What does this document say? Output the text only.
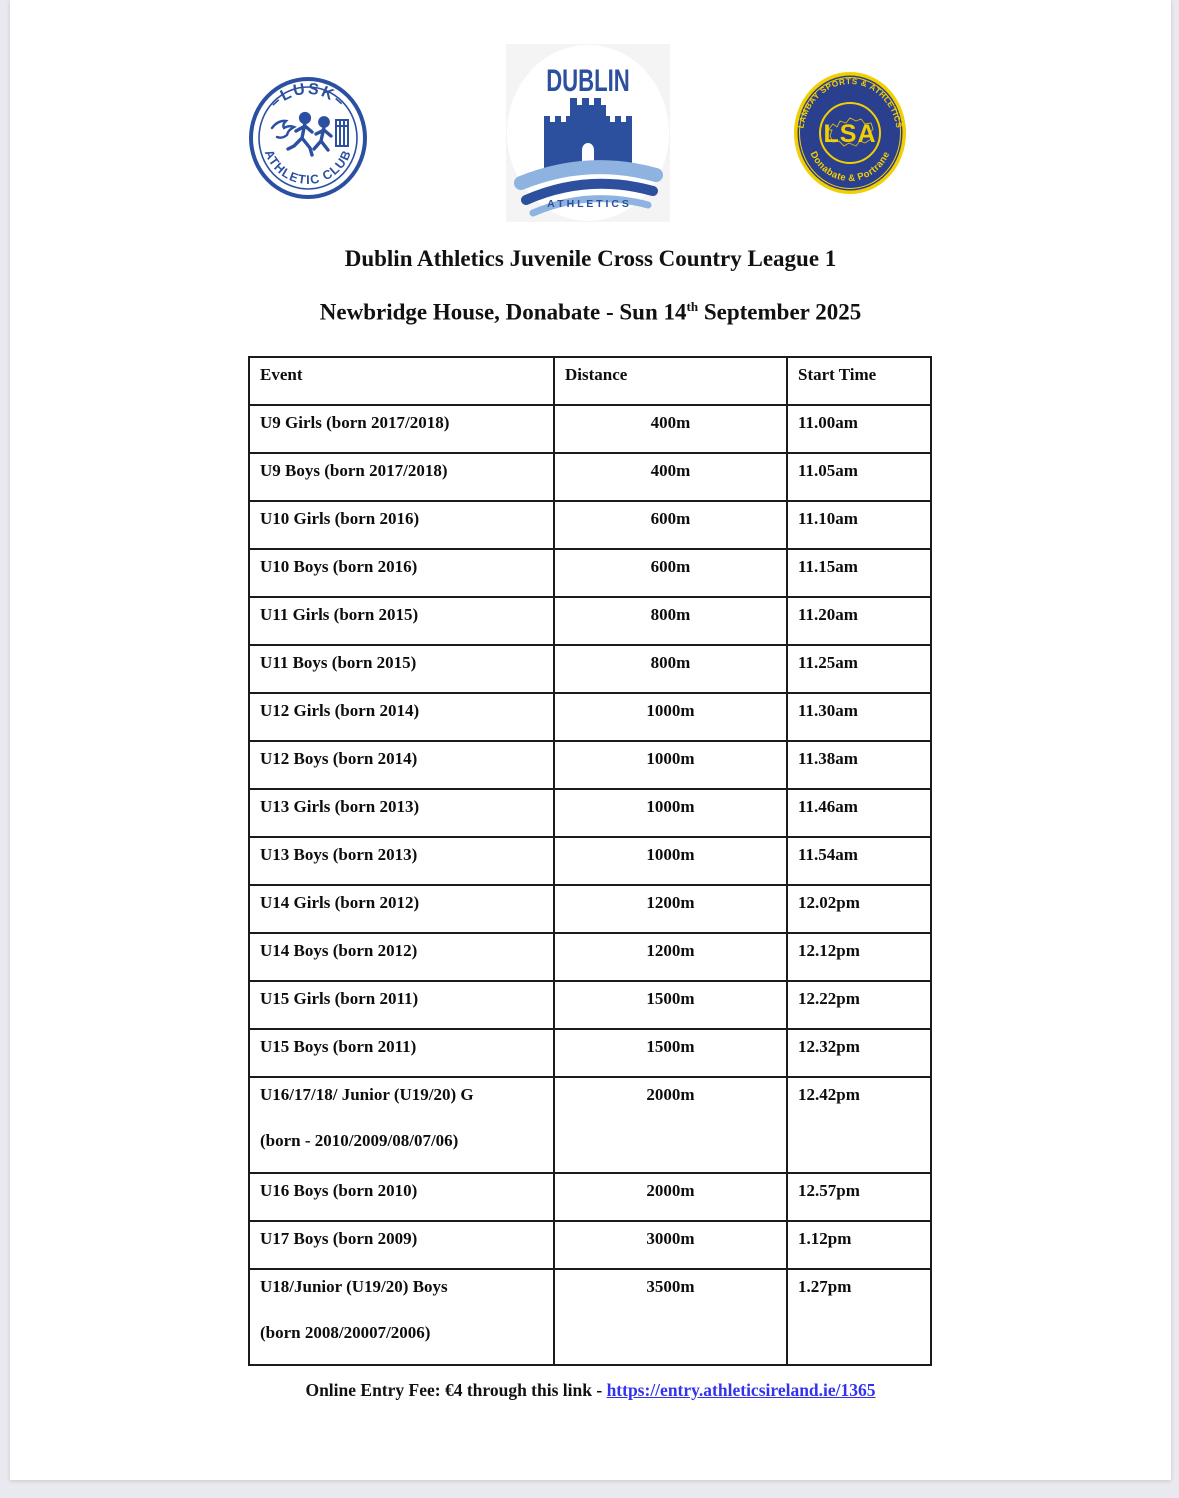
–LUSK–
ATHLETIC CLUB
DUBLIN
A T H L E T I C S
LAMBAY SPORTS & ATHLETICS
Donabate & Portrane
LSA
Dublin Athletics Juvenile Cross Country League 1
Newbridge House, Donabate - Sun 14th September 2025
Event	Distance	Start Time

U9 Girls (born 2017/2018)	400m	11.00am

U9 Boys (born 2017/2018)	400m	11.05am

U10 Girls (born 2016)	600m	11.10am

U10 Boys (born 2016)	600m	11.15am

U11 Girls (born 2015)	800m	11.20am

U11 Boys (born 2015)	800m	11.25am

U12 Girls (born 2014)	1000m	11.30am

U12 Boys (born 2014)	1000m	11.38am

U13 Girls (born 2013)	1000m	11.46am

U13 Boys (born 2013)	1000m	11.54am

U14 Girls (born 2012)	1200m	12.02pm

U14 Boys (born 2012)	1200m	12.12pm

U15 Girls (born 2011)	1500m	12.22pm

U15 Boys (born 2011)	1500m	12.32pm

U16/17/18/ Junior (U19/20) G
(born - 2010/2009/08/07/06)	2000m	12.42pm

U16 Boys (born 2010)	2000m	12.57pm

U17 Boys (born 2009)	3000m	1.12pm

U18/Junior (U19/20) Boys
(born 2008/20007/2006)	3500m	1.27pm
Online Entry Fee: €4 through this link - https://entry.athleticsireland.ie/1365
